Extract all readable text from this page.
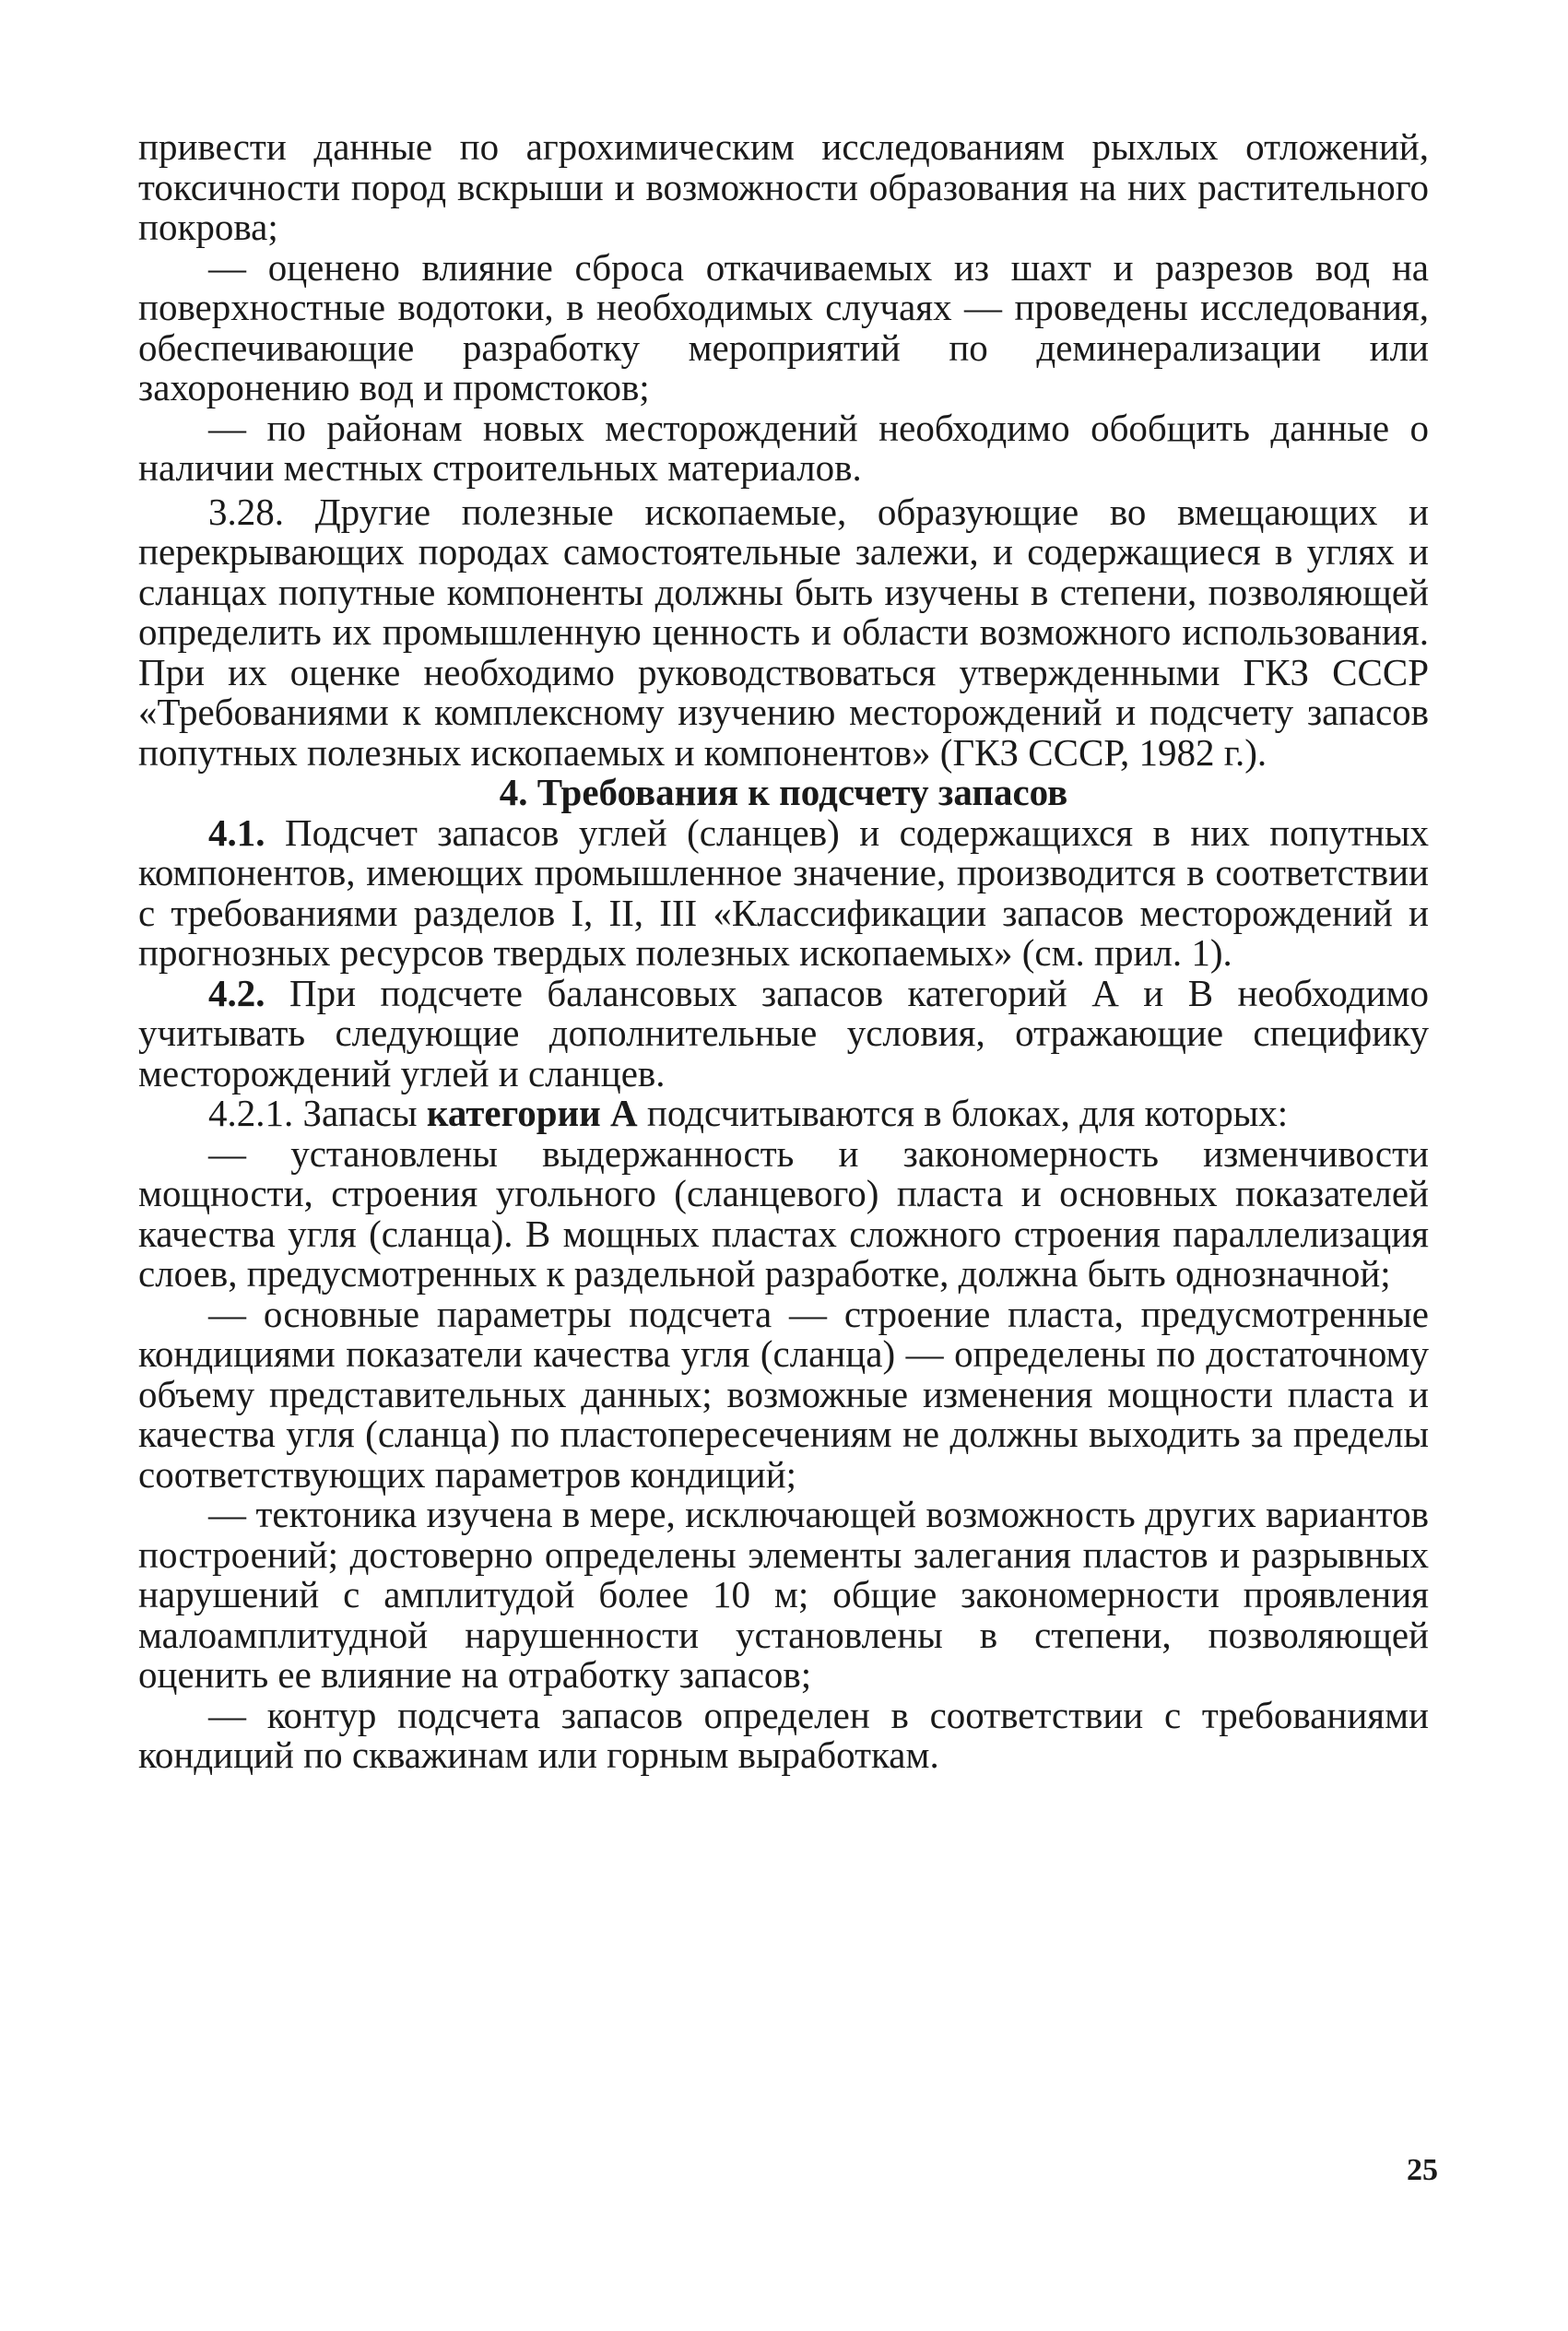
привести данные по агрохимическим исследованиям рыхлых отложений, токсичности пород вскрыши и возможности образования на них растительного покрова;

— оценено влияние сброса откачиваемых из шахт и разрезов вод на поверхностные водотоки, в необходимых случаях — проведены исследования, обеспечивающие разработку мероприятий по деминерализации или захоронению вод и промстоков;

— по районам новых месторождений необходимо обобщить данные о наличии местных строительных материалов.

3.28. Другие полезные ископаемые, образующие во вмещающих и перекрывающих породах самостоятельные залежи, и содержащиеся в углях и сланцах попутные компоненты должны быть изучены в степени, позволяющей определить их промышленную ценность и области возможного использования. При их оценке необходимо руководствоваться утвержденными ГКЗ СССР «Требованиями к комплексному изучению месторождений и подсчету запасов попутных полезных ископаемых и компонентов» (ГКЗ СССР, 1982 г.).

4. Требования к подсчету запасов

4.1. Подсчет запасов углей (сланцев) и содержащихся в них попутных компонентов, имеющих промышленное значение, производится в соответствии с требованиями разделов I, II, III «Классификации запасов месторождений и прогнозных ресурсов твердых полезных ископаемых» (см. прил. 1).

4.2. При подсчете балансовых запасов категорий А и В необходимо учитывать следующие дополнительные условия, отражающие специфику месторождений углей и сланцев.

4.2.1. Запасы категории А подсчитываются в блоках, для которых:

— установлены выдержанность и закономерность изменчивости мощности, строения угольного (сланцевого) пласта и основных показателей качества угля (сланца). В мощных пластах сложного строения параллелизация слоев, предусмотренных к раздельной разработке, должна быть однозначной;

— основные параметры подсчета — строение пласта, предусмотренные кондициями показатели качества угля (сланца) — определены по достаточному объему представительных данных; возможные изменения мощности пласта и качества угля (сланца) по пластопересечениям не должны выходить за пределы соответствующих параметров кондиций;

— тектоника изучена в мере, исключающей возможность других вариантов построений; достоверно определены элементы залегания пластов и разрывных нарушений с амплитудой более 10 м; общие закономерности проявления малоамплитудной нарушенности установлены в степени, позволяющей оценить ее влияние на отработку запасов;

— контур подсчета запасов определен в соответствии с требованиями кондиций по скважинам или горным выработкам.

25
